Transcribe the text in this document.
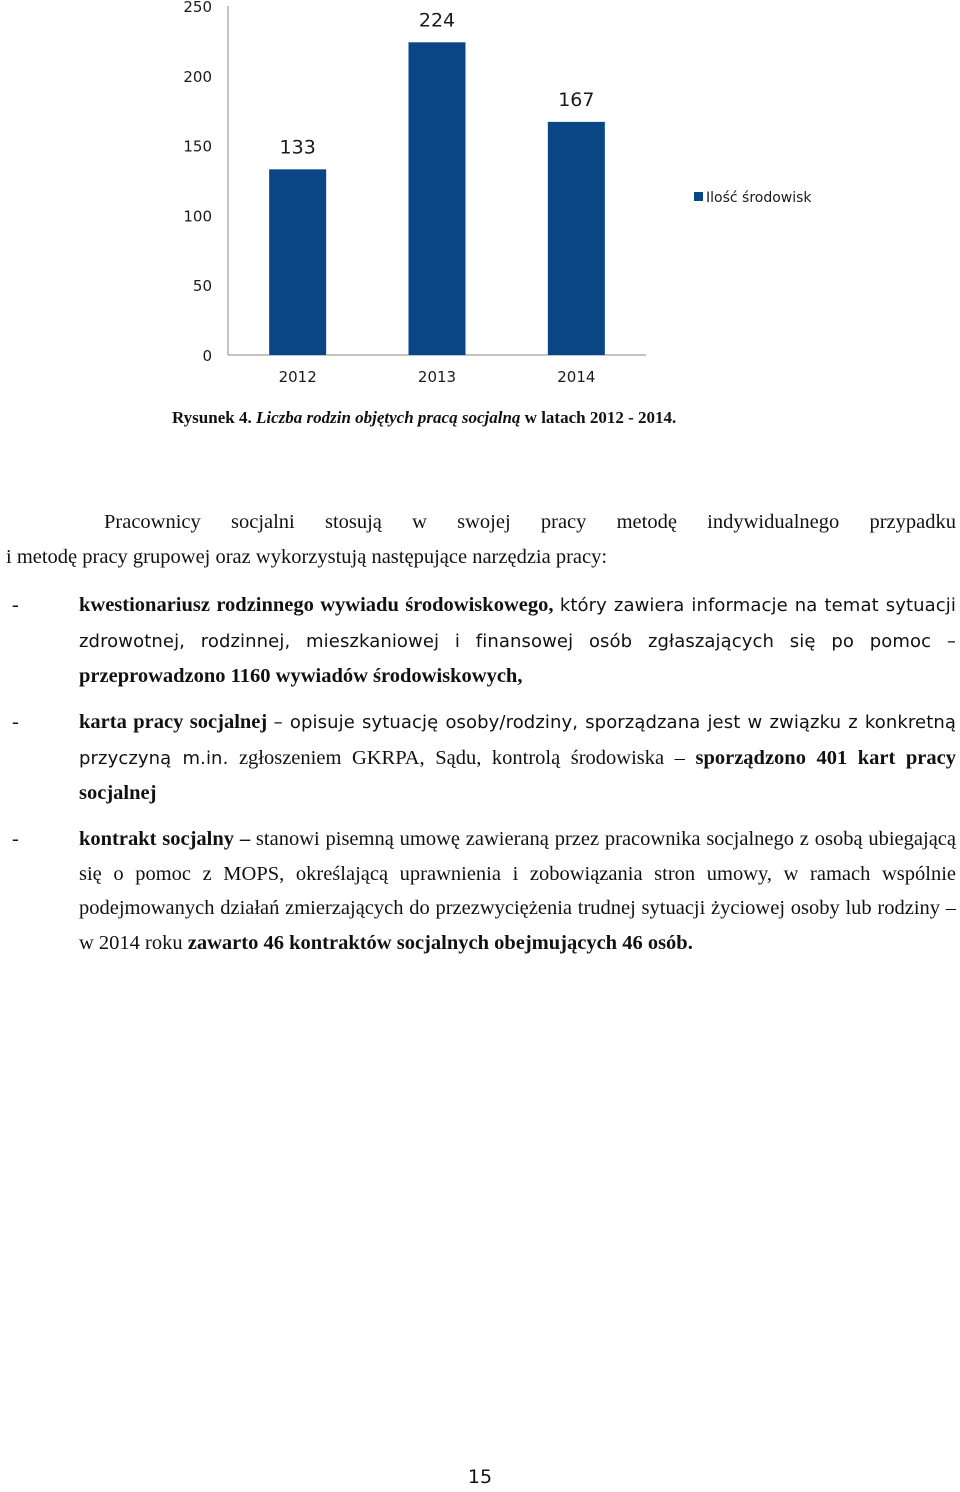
0
50
100
150
200
250
133
224
167
2012	2013	2014
Ilość środowisk
Rysunek 4. Liczba rodzin objętych pracą socjalną w latach 2012 - 2014.
Pracownicy socjalni stosują w swojej pracy metodę indywidualnego przypadku
i metodę pracy grupowej oraz wykorzystują następujące narzędzia pracy:
-	kwestionariusz rodzinnego wywiadu środowiskowego, który zawiera informacje na temat sytuacji zdrowotnej, rodzinnej, mieszkaniowej i finansowej osób zgłaszających się po pomoc – przeprowadzono 1160 wywiadów środowiskowych,
-	karta pracy socjalnej – opisuje sytuację osoby/rodziny, sporządzana jest w związku z konkretną przyczyną m.in. zgłoszeniem GKRPA, Sądu, kontrolą środowiska – sporządzono 401 kart pracy socjalnej
-	kontrakt socjalny – stanowi pisemną umowę zawieraną przez pracownika socjalnego z osobą ubiegającą się o pomoc z MOPS, określającą uprawnienia i zobowiązania stron umowy, w ramach wspólnie podejmowanych działań zmierzających do przezwyciężenia trudnej sytuacji życiowej osoby lub rodziny – w 2014 roku zawarto 46 kontraktów socjalnych obejmujących 46 osób.
15
